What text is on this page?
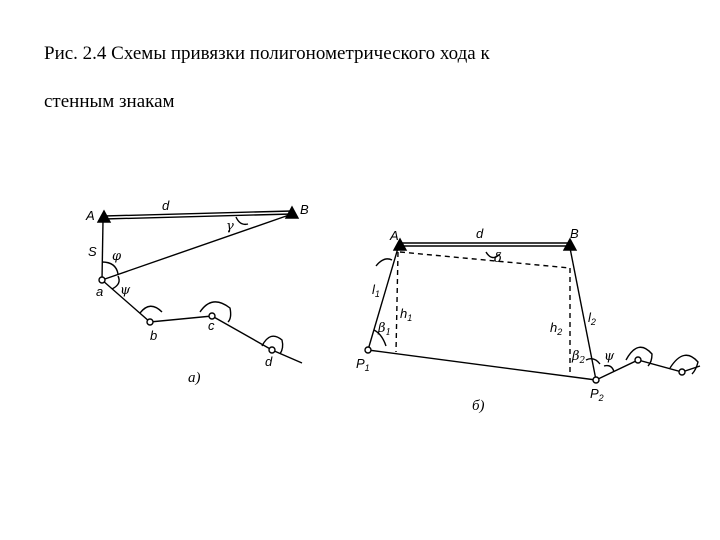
Рис. 2.4 Схемы привязки полигонометрического хода к
стенным знакам
A	B
d
S φ
ψ
γ
a
b
c
d
а)
A	B
d
δ
$l_1$
$l_2$
$h_1$
$h_2$
$\beta_1$
$\beta_2$ ψ
$P_1$
$P_2$
б)
